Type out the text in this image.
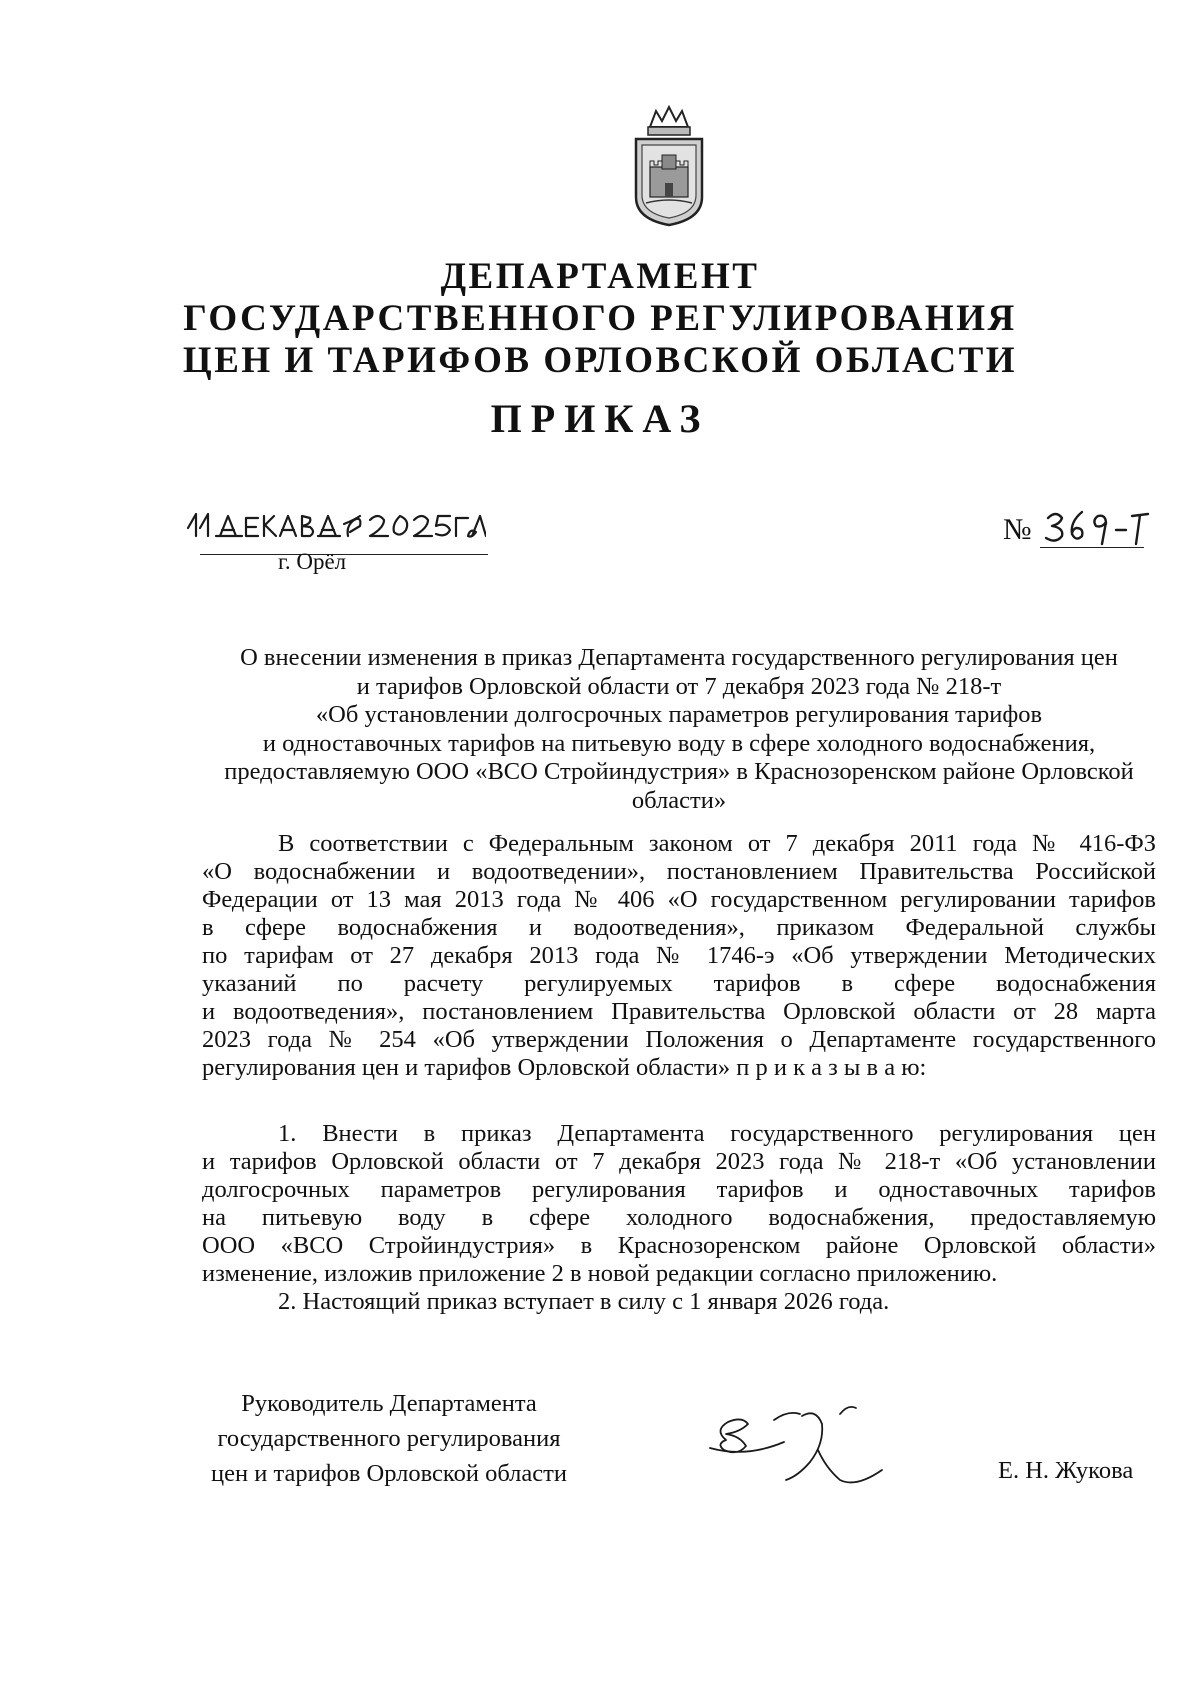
ДЕПАРТАМЕНТ
ГОСУДАРСТВЕННОГО РЕГУЛИРОВАНИЯ
ЦЕН И ТАРИФОВ ОРЛОВСКОЙ ОБЛАСТИ
ПРИКАЗ
г. Орёл
№
О внесении изменения в приказ Департамента государственного регулирования цен
и тарифов Орловской области от 7 декабря 2023 года № 218-т
«Об установлении долгосрочных параметров регулирования тарифов
и одноставочных тарифов на питьевую воду в сфере холодного водоснабжения,
предоставляемую ООО «ВСО Стройиндустрия» в Краснозоренском районе Орловской
области»
В соответствии с Федеральным законом от 7 декабря 2011 года № 416-ФЗ
«О водоснабжении и водоотведении», постановлением Правительства Российской
Федерации от 13 мая 2013 года № 406 «О государственном регулировании тарифов
в сфере водоснабжения и водоотведения», приказом Федеральной службы
по тарифам от 27 декабря 2013 года № 1746-э «Об утверждении Методических
указаний по расчету регулируемых тарифов в сфере водоснабжения
и водоотведения», постановлением Правительства Орловской области от 28 марта
2023 года № 254 «Об утверждении Положения о Департаменте государственного
регулирования цен и тарифов Орловской области» п р и к а з ы в а ю:
1. Внести в приказ Департамента государственного регулирования цен
и тарифов Орловской области от 7 декабря 2023 года № 218-т «Об установлении
долгосрочных параметров регулирования тарифов и одноставочных тарифов
на питьевую воду в сфере холодного водоснабжения, предоставляемую
ООО «ВСО Стройиндустрия» в Краснозоренском районе Орловской области»
изменение, изложив приложение 2 в новой редакции согласно приложению.
2. Настоящий приказ вступает в силу с 1 января 2026 года.
Руководитель Департамента
государственного регулирования
цен и тарифов Орловской области	Е. Н. Жукова
